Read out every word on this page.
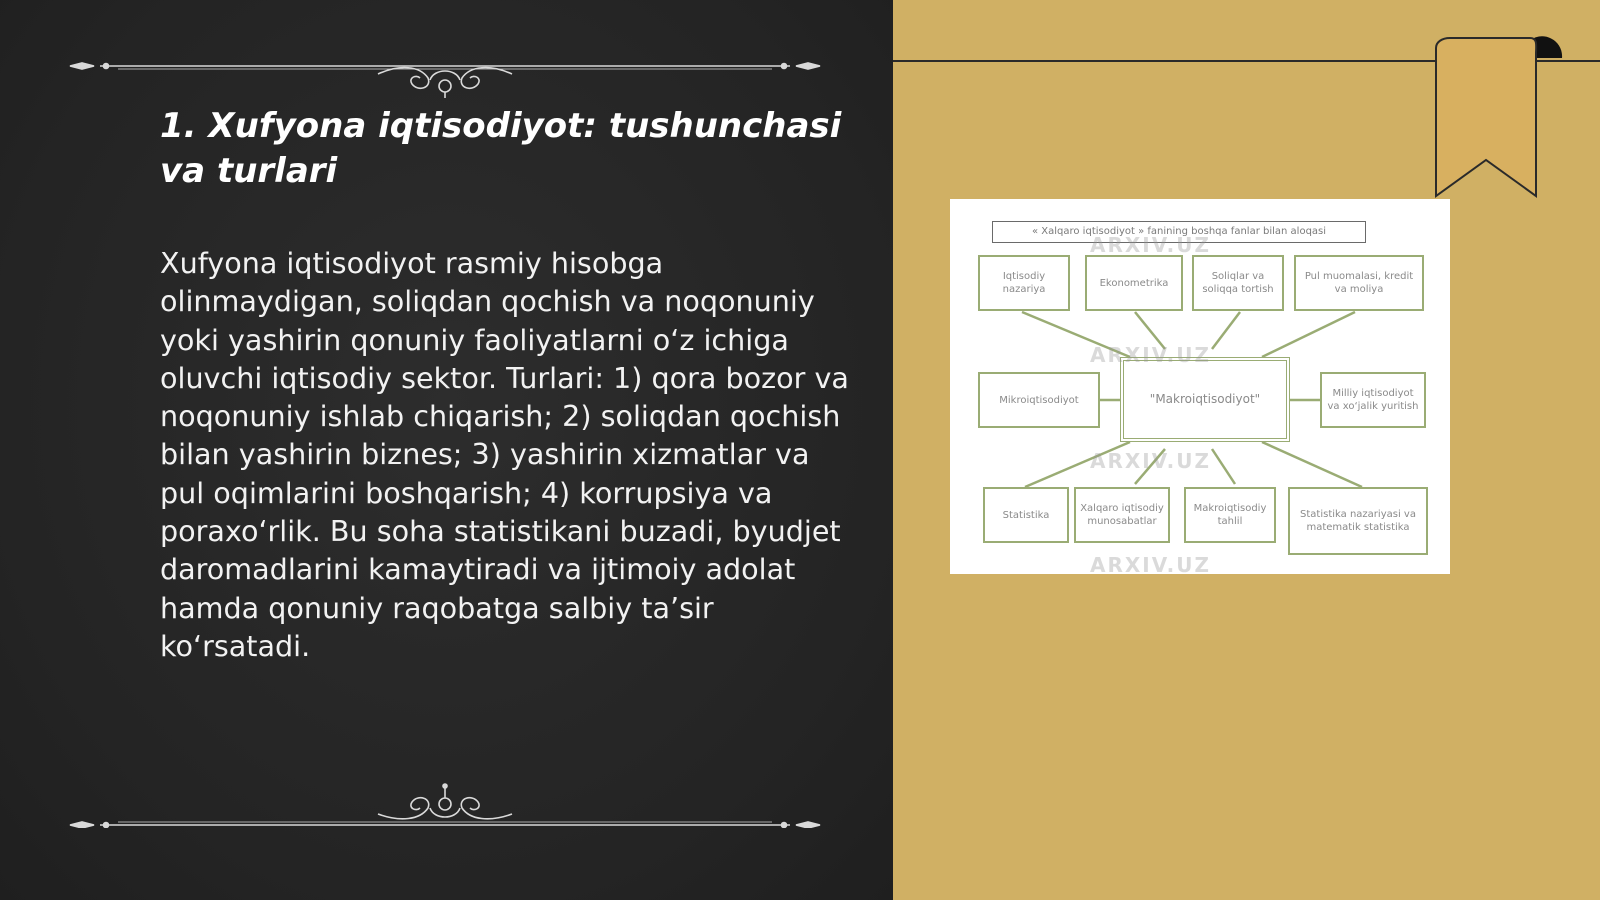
1. Xufyona iqtisodiyot: tushunchasi va turlari

Xufyona iqtisodiyot rasmiy hisobga olinmaydigan, soliqdan qochish va noqonuniy yoki yashirin qonuniy faoliyatlarni o‘z ichiga oluvchi iqtisodiy sektor. Turlari: 1) qora bozor va noqonuniy ishlab chiqarish; 2) soliqdan qochish bilan yashirin biznes; 3) yashirin xizmatlar va pul oqimlarini boshqarish; 4) korrupsiya va poraxo‘rlik. Bu soha statistikani buzadi, byudjet daromadlarini kamaytiradi va ijtimoiy adolat hamda qonuniy raqobatga salbiy ta’sir ko‘rsatadi.

« Xalqaro iqtisodiyot » fanining boshqa fanlar bilan aloqasi
Iqtisodiy nazariya
Ekonometrika
Soliqlar va soliqqa tortish
Pul muomalasi, kredit va moliya
Mikroiqtisodiyot	"Makroiqtisodiyot"	Milliy iqtisodiyot va xo‘jalik yuritish
Statistika
Xalqaro iqtisodiy munosabatlar
Makroiqtisodiy tahlil
Statistika nazariyasi va matematik statistika
ARXIV.UZ
ARXIV.UZ
ARXIV.UZ
ARXIV.UZ
